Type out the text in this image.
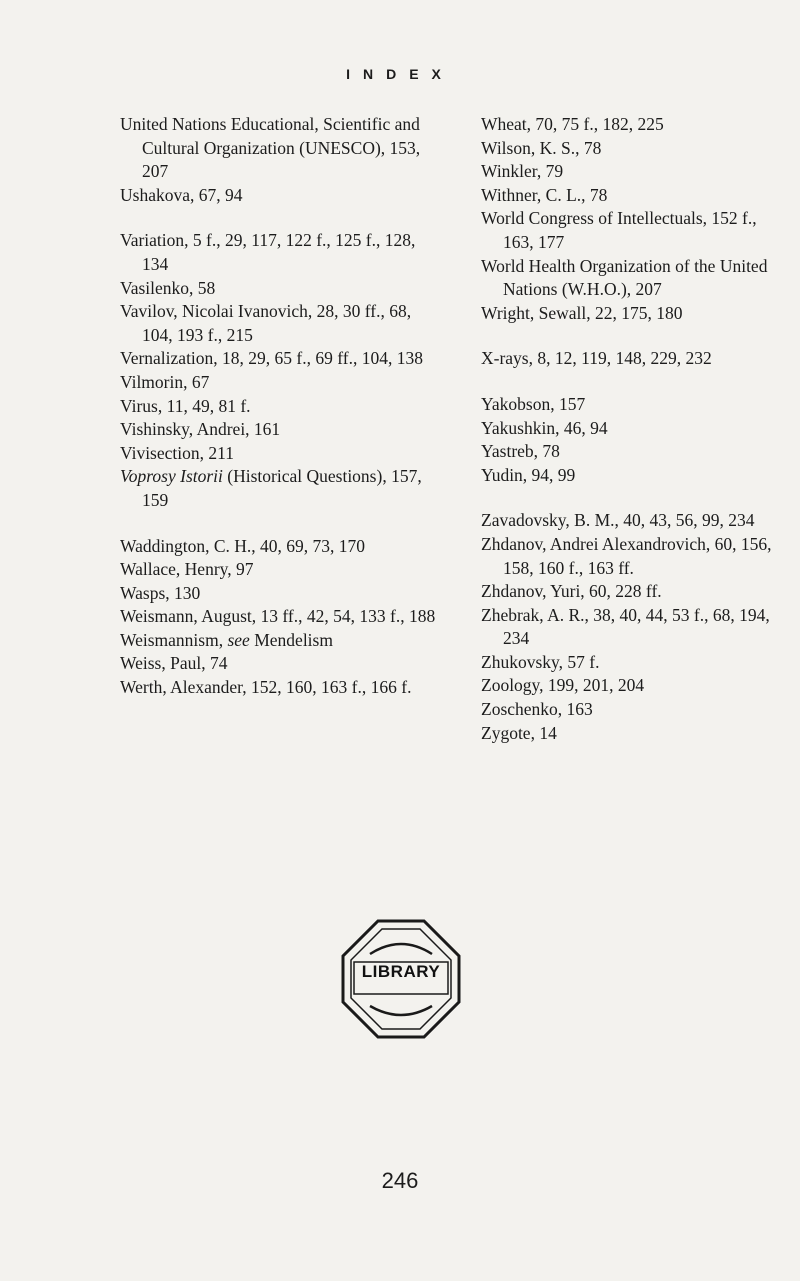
INDEX
United Nations Educational, Scientific and Cultural Organization (UNESCO), 153, 207
Ushakova, 67, 94
Variation, 5 f., 29, 117, 122 f., 125 f., 128, 134
Vasilenko, 58
Vavilov, Nicolai Ivanovich, 28, 30 ff., 68, 104, 193 f., 215
Vernalization, 18, 29, 65 f., 69 ff., 104, 138
Vilmorin, 67
Virus, 11, 49, 81 f.
Vishinsky, Andrei, 161
Vivisection, 211
Voprosy Istorii (Historical Questions), 157, 159
Waddington, C. H., 40, 69, 73, 170
Wallace, Henry, 97
Wasps, 130
Weismann, August, 13 ff., 42, 54, 133 f., 188
Weismannism, see Mendelism
Weiss, Paul, 74
Werth, Alexander, 152, 160, 163 f., 166 f.
Wheat, 70, 75 f., 182, 225
Wilson, K. S., 78
Winkler, 79
Withner, C. L., 78
World Congress of Intellectuals, 152 f., 163, 177
World Health Organization of the United Nations (W.H.O.), 207
Wright, Sewall, 22, 175, 180
X-rays, 8, 12, 119, 148, 229, 232
Yakobson, 157
Yakushkin, 46, 94
Yastreb, 78
Yudin, 94, 99
Zavadovsky, B. M., 40, 43, 56, 99, 234
Zhdanov, Andrei Alexandrovich, 60, 156, 158, 160 f., 163 ff.
Zhdanov, Yuri, 60, 228 ff.
Zhebrak, A. R., 38, 40, 44, 53 f., 68, 194, 234
Zhukovsky, 57 f.
Zoology, 199, 201, 204
Zoschenko, 163
Zygote, 14
LIBRARY
246
